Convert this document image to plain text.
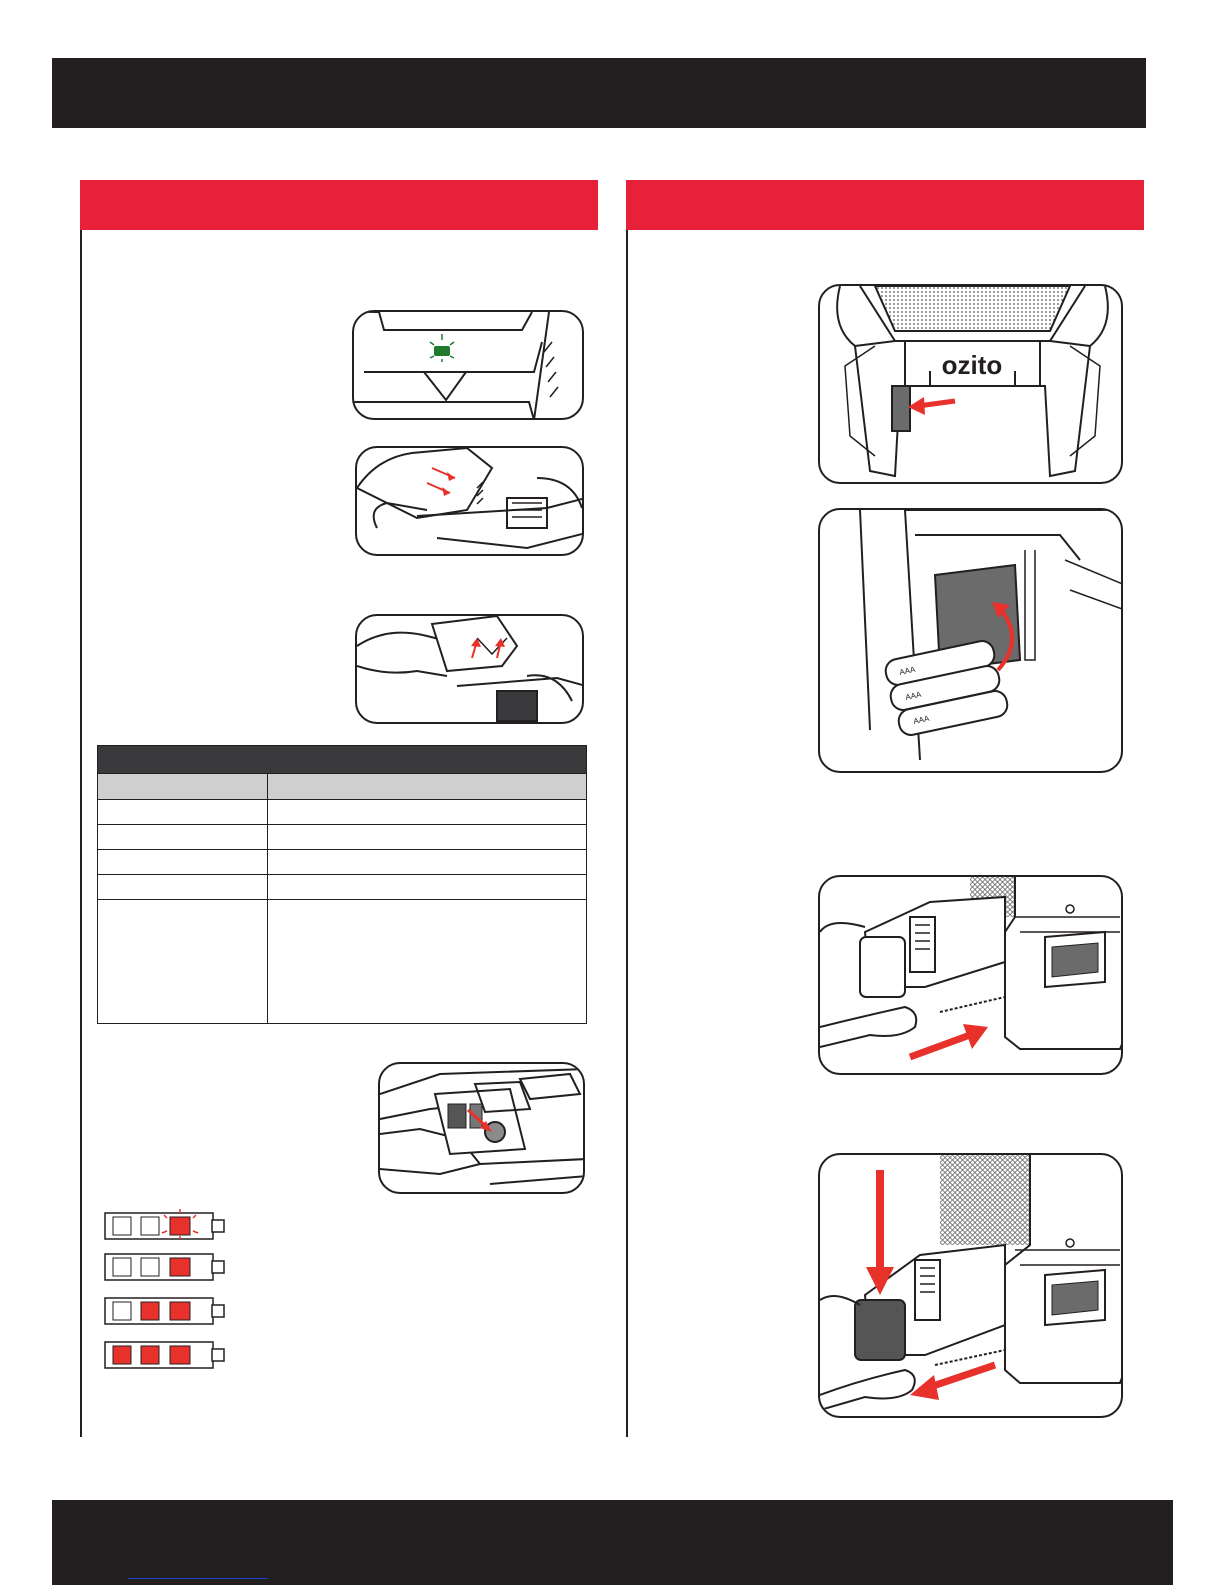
ozito
AAA
AAA
AAA
